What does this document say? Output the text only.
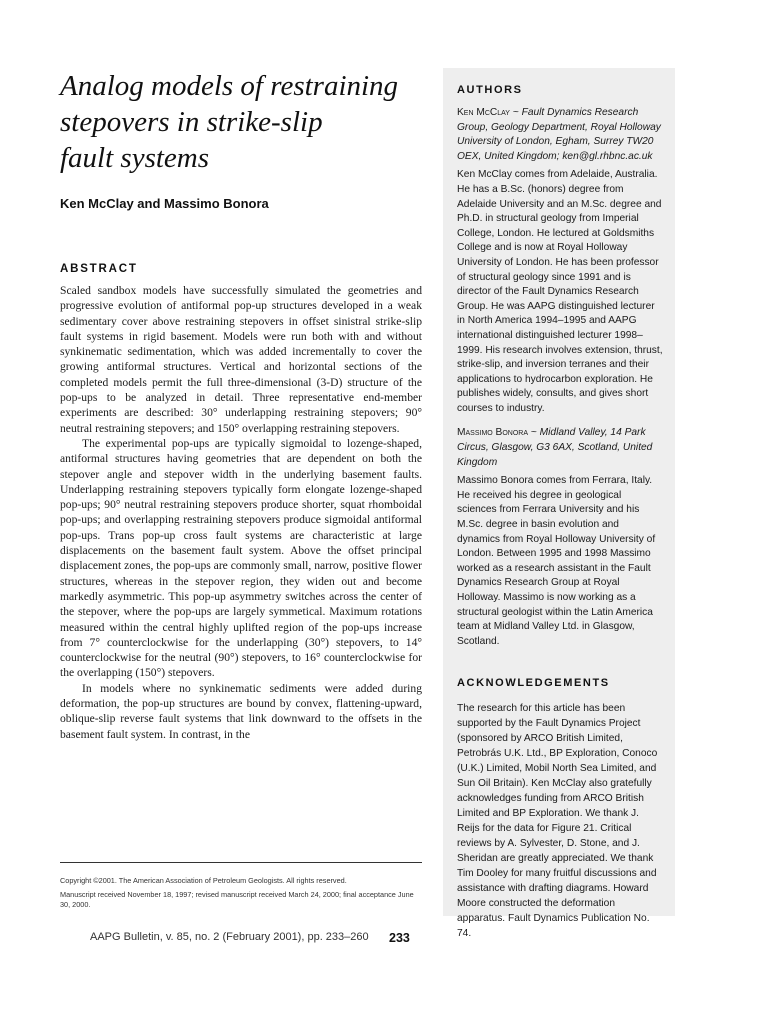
Analog models of restraining
stepovers in strike-slip
fault systems
Ken McClay and Massimo Bonora
ABSTRACT

Scaled sandbox models have successfully simulated the geometries and progressive evolution of antiformal pop-up structures developed in a weak sedimentary cover above restraining stepovers in offset sinistral strike-slip fault systems in rigid basement. Models were run both with and without synkinematic sedimentation, which was added incrementally to cover the growing antiformal structures. Vertical and horizontal sections of the completed models permit the full three-dimensional (3-D) structure of the pop-ups to be analyzed in detail. Three representative end-member experiments are described: 30° underlapping restraining stepovers; 90° neutral restraining stepovers; and 150° overlapping restraining stepovers.

The experimental pop-ups are typically sigmoidal to lozenge-shaped, antiformal structures having geometries that are dependent on both the stepover angle and stepover width in the underlying basement faults. Underlapping restraining stepovers typically form elongate lozenge-shaped pop-ups; 90° neutral restraining stepovers produce shorter, squat rhomboidal pop-ups; and overlapping restraining stepovers produce sigmoidal antiformal pop-ups. Trans pop-up cross fault systems are characteristic at large displacements on the basement fault system. Above the offset principal displacement zones, the pop-ups are commonly small, narrow, positive flower structures, whereas in the stepover region, they widen out and become markedly asymmetric. This pop-up asymmetry switches across the center of the stepover, where the pop-ups are largely symmetical. Maximum rotations measured within the central highly uplifted region of the pop-ups increase from 7° counterclockwise for the underlapping (30°) stepovers, to 14° counterclockwise for the neutral (90°) stepovers, to 16° counterclockwise for the overlapping (150°) stepovers.

In models where no synkinematic sediments were added during deformation, the pop-up structures are bound by convex, flattening-upward, oblique-slip reverse fault systems that link downward to the offsets in the basement fault system. In contrast, in the

Copyright ©2001. The American Association of Petroleum Geologists. All rights reserved.

Manuscript received November 18, 1997; revised manuscript received March 24, 2000; final acceptance June 30, 2000.

AAPG Bulletin, v. 85, no. 2 (February 2001), pp. 233–260	233
AUTHORS
Ken McClay ~ Fault Dynamics Research Group, Geology Department, Royal Holloway University of London, Egham, Surrey TW20 OEX, United Kingdom; ken@gl.rhbnc.ac.uk
Ken McClay comes from Adelaide, Australia. He has a B.Sc. (honors) degree from Adelaide University and an M.Sc. degree and Ph.D. in structural geology from Imperial College, London. He lectured at Goldsmiths College and is now at Royal Holloway University of London. He has been professor of structural geology since 1991 and is director of the Fault Dynamics Research Group. He was AAPG distinguished lecturer in North America 1994–1995 and AAPG international distinguished lecturer 1998–1999. His research involves extension, thrust, strike-slip, and inversion terranes and their applications to hydrocarbon exploration. He publishes widely, consults, and gives short courses to industry.
Massimo Bonora ~ Midland Valley, 14 Park Circus, Glasgow, G3 6AX, Scotland, United Kingdom
Massimo Bonora comes from Ferrara, Italy. He received his degree in geological sciences from Ferrara University and his M.Sc. degree in basin evolution and dynamics from Royal Holloway University of London. Between 1995 and 1998 Massimo worked as a research assistant in the Fault Dynamics Research Group at Royal Holloway. Massimo is now working as a structural geologist within the Latin America team at Midland Valley Ltd. in Glasgow, Scotland.
ACKNOWLEDGEMENTS
The research for this article has been supported by the Fault Dynamics Project (sponsored by ARCO British Limited, Petrobrás U.K. Ltd., BP Exploration, Conoco (U.K.) Limited, Mobil North Sea Limited, and Sun Oil Britain). Ken McClay also gratefully acknowledges funding from ARCO British Limited and BP Exploration. We thank J. Reijs for the data for Figure 21. Critical reviews by A. Sylvester, D. Stone, and J. Sheridan are greatly appreciated. We thank Tim Dooley for many fruitful discussions and assistance with drafting diagrams. Howard Moore constructed the deformation apparatus. Fault Dynamics Publication No. 74.
